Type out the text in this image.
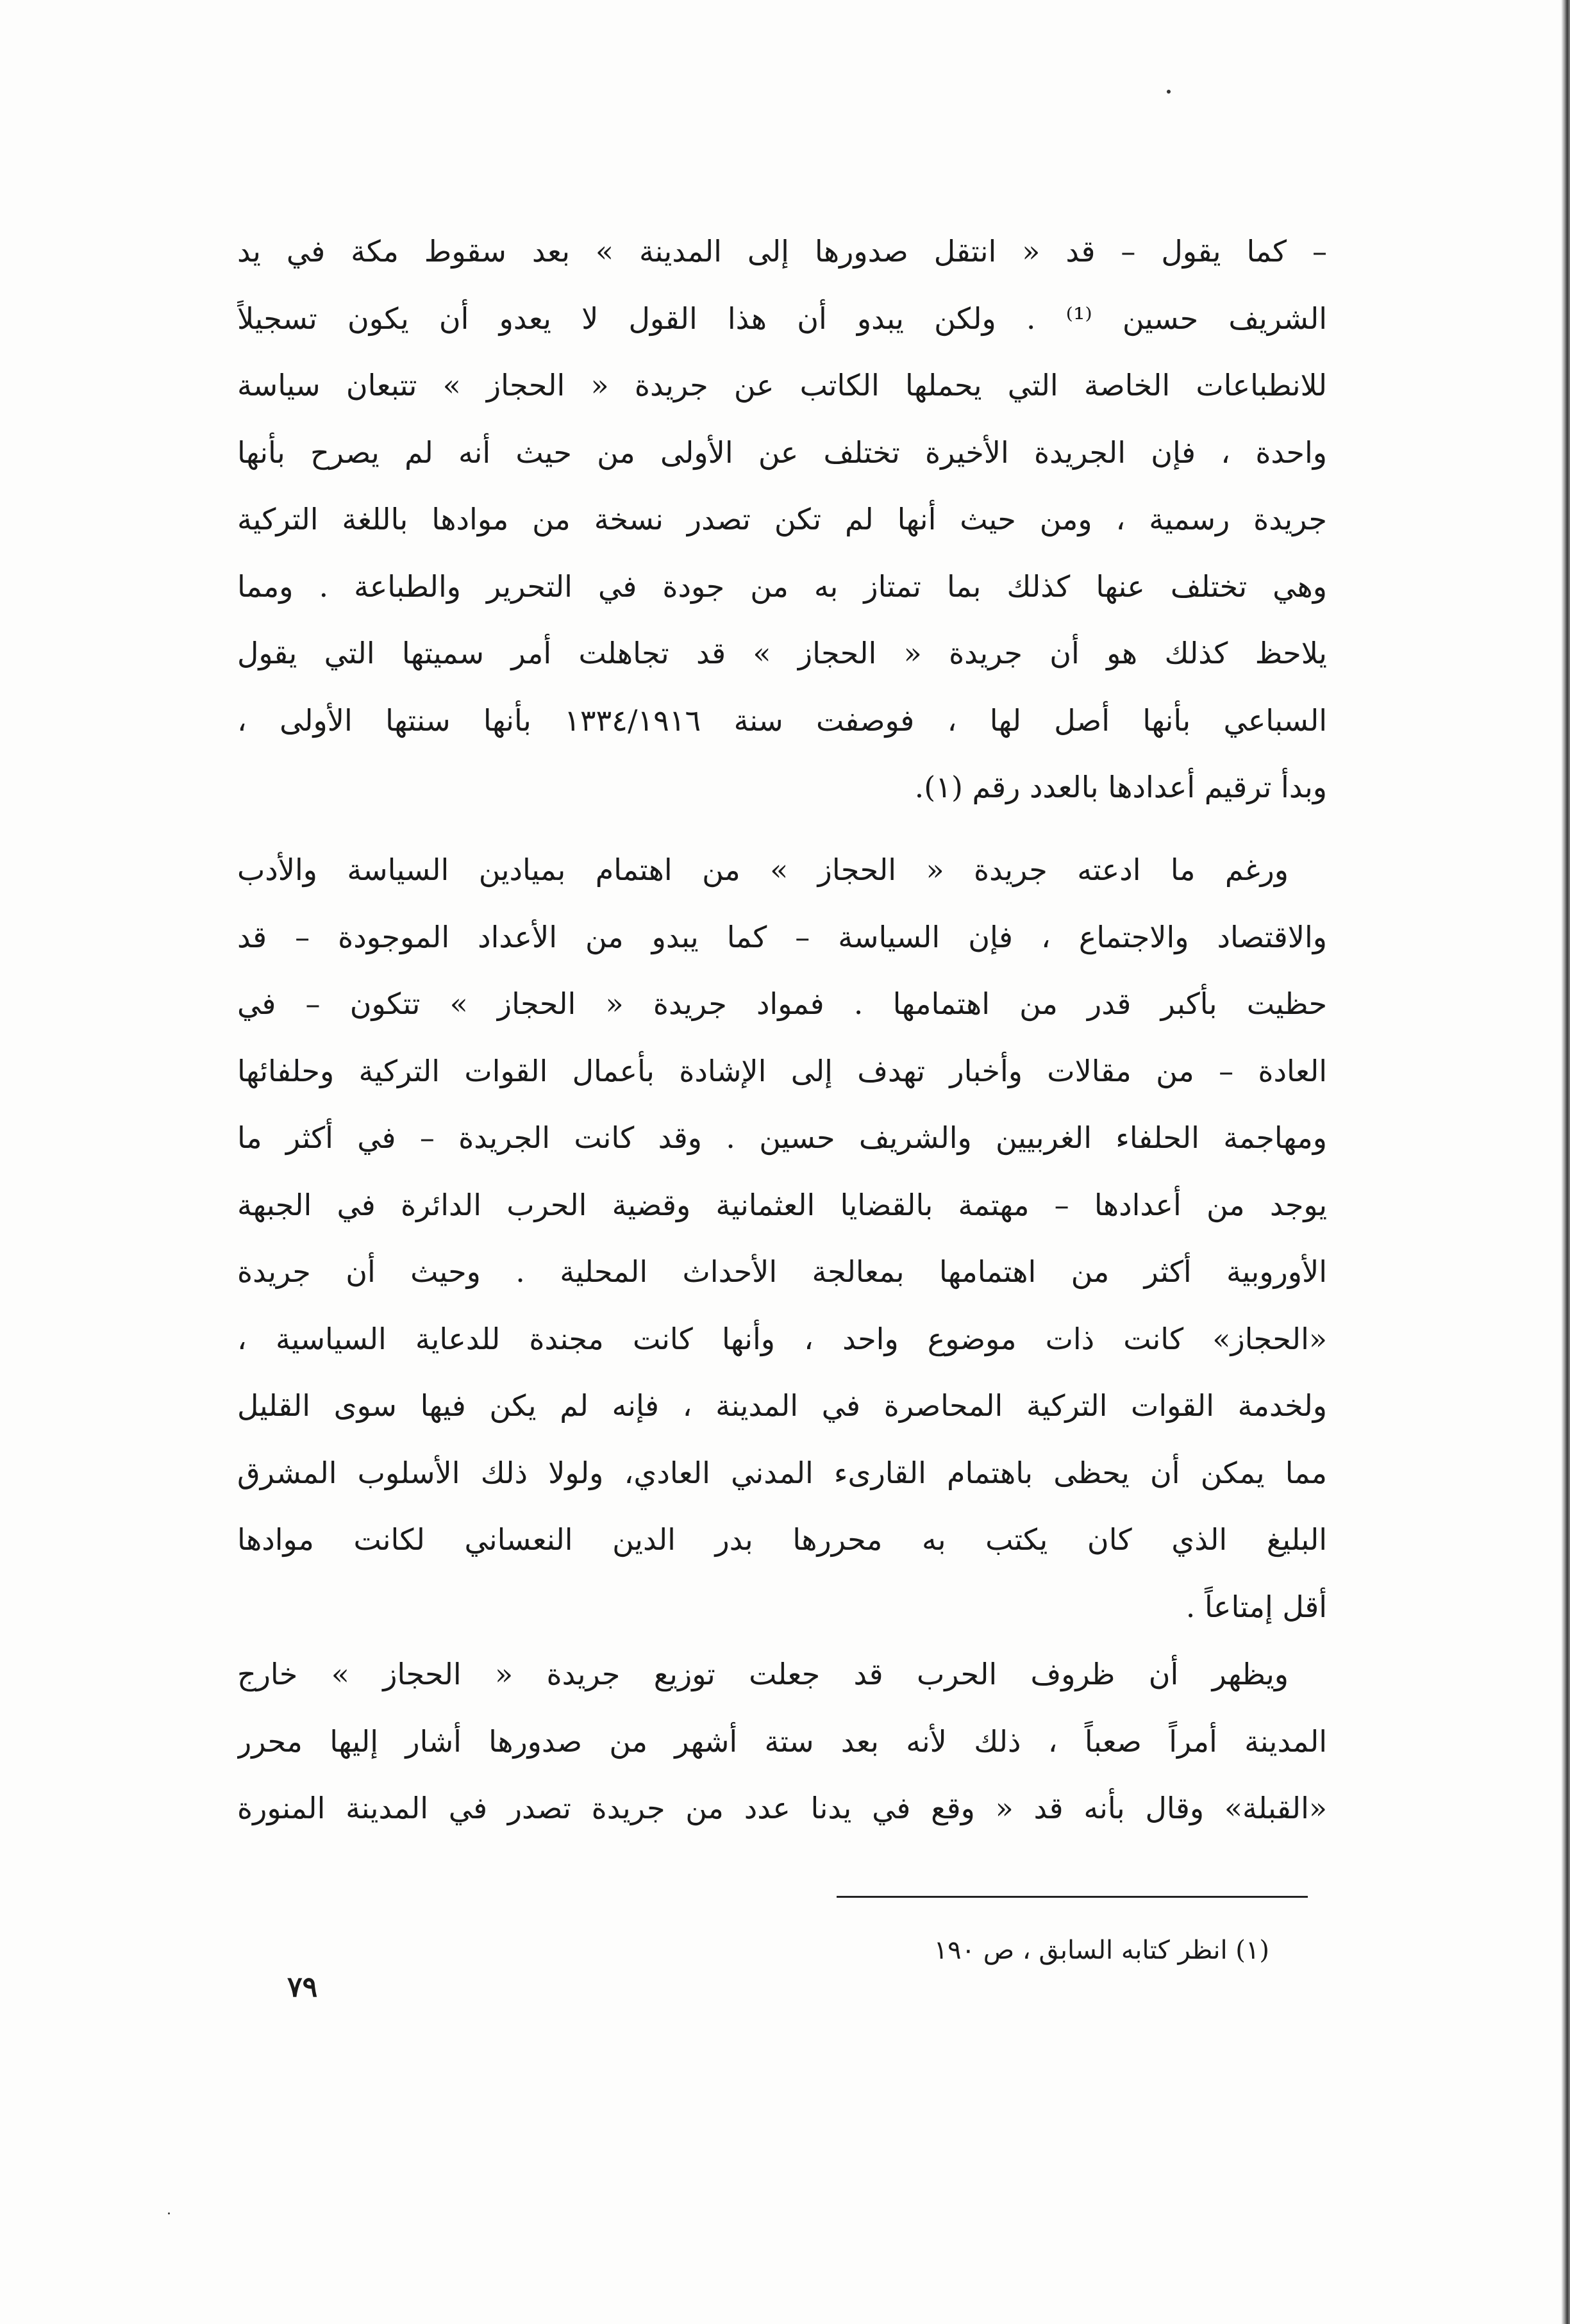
– كما يقول – قد « انتقل صدورها إلى المدينة » بعد سقوط مكة في يد
الشريف حسين ⁽¹⁾ . ولكن يبدو أن هذا القول لا يعدو أن يكون تسجيلاً
للانطباعات الخاصة التي يحملها الكاتب عن جريدة « الحجاز » تتبعان سياسة
واحدة ، فإن الجريدة الأخيرة تختلف عن الأولى من حيث أنه لم يصرح بأنها
جريدة رسمية ، ومن حيث أنها لم تكن تصدر نسخة من موادها باللغة التركية
وهي تختلف عنها كذلك بما تمتاز به من جودة في التحرير والطباعة . ومما
يلاحظ كذلك هو أن جريدة « الحجاز » قد تجاهلت أمر سميتها التي يقول
السباعي بأنها أصل لها ، فوصفت سنة ١٣٣٤/١٩١٦ بأنها سنتها الأولى ،
وبدأ ترقيم أعدادها بالعدد رقم (١).
ورغم ما ادعته جريدة « الحجاز » من اهتمام بميادين السياسة والأدب
والاقتصاد والاجتماع ، فإن السياسة – كما يبدو من الأعداد الموجودة – قد
حظيت بأكبر قدر من اهتمامها . فمواد جريدة « الحجاز » تتكون – في
العادة – من مقالات وأخبار تهدف إلى الإشادة بأعمال القوات التركية وحلفائها
ومهاجمة الحلفاء الغربيين والشريف حسين . وقد كانت الجريدة – في أكثر ما
يوجد من أعدادها – مهتمة بالقضايا العثمانية وقضية الحرب الدائرة في الجبهة
الأوروبية أكثر من اهتمامها بمعالجة الأحداث المحلية . وحيث أن جريدة
«الحجاز» كانت ذات موضوع واحد ، وأنها كانت مجندة للدعاية السياسية ،
ولخدمة القوات التركية المحاصرة في المدينة ، فإنه لم يكن فيها سوى القليل
مما يمكن أن يحظى باهتمام القارىء المدني العادي، ولولا ذلك الأسلوب المشرق
البليغ الذي كان يكتب به محررها بدر الدين النعساني لكانت موادها
أقل إمتاعاً .
ويظهر أن ظروف الحرب قد جعلت توزيع جريدة « الحجاز » خارج
المدينة أمراً صعباً ، ذلك لأنه بعد ستة أشهر من صدورها أشار إليها محرر
«القبلة» وقال بأنه قد « وقع في يدنا عدد من جريدة تصدر في المدينة المنورة
(١) انظر كتابه السابق ، ص ١٩٠
٧٩
